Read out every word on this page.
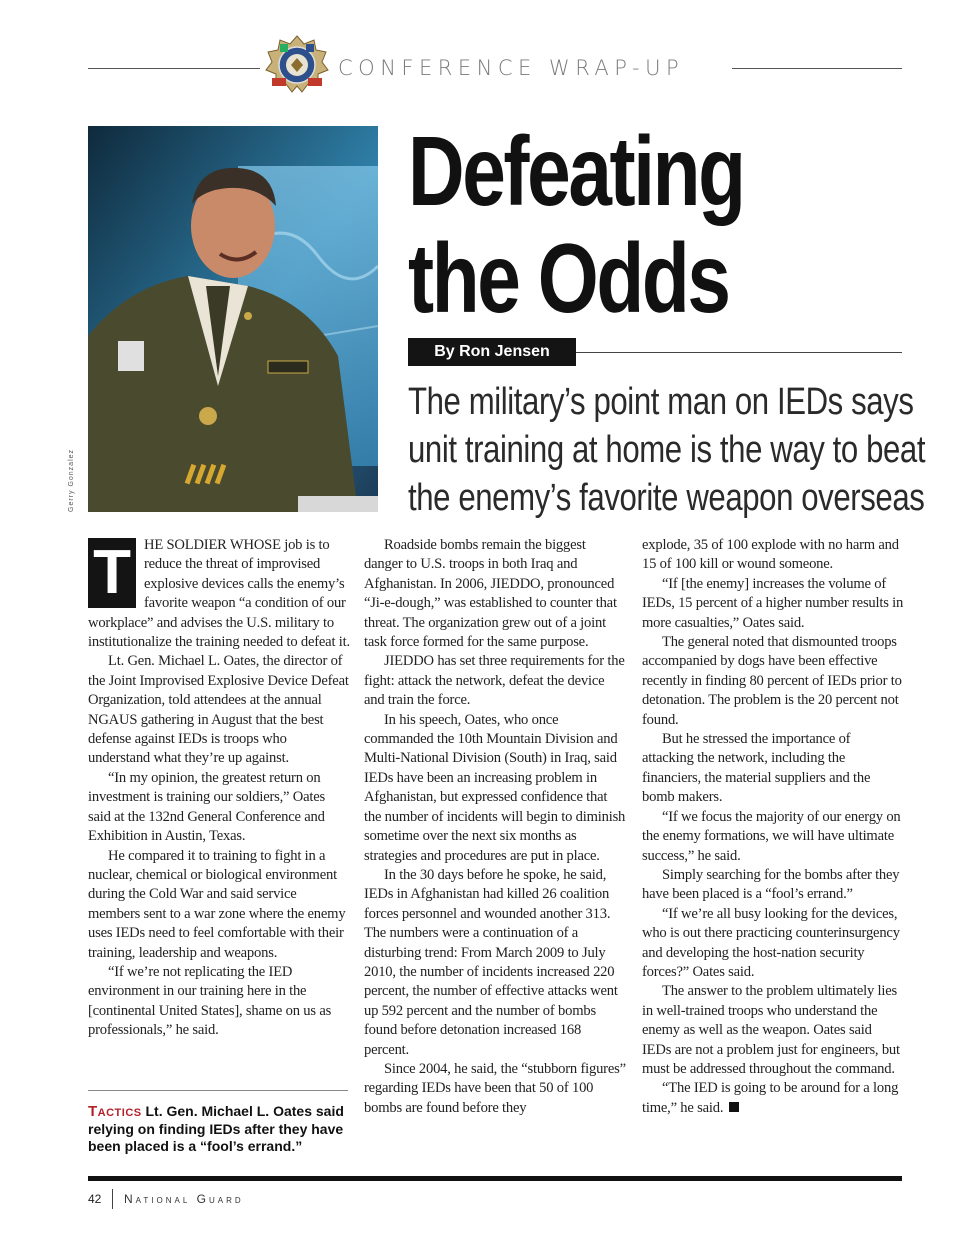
CONFERENCE WRAP-UP
Gerry Gonzalez
Defeating
the Odds
By Ron Jensen
The military’s point man on IEDs says
unit training at home is the way to beat
the enemy’s favorite weapon overseas

T HE SOLDIER WHOSE job is to reduce the threat of improvised explosive devices calls the enemy’s favorite weapon “a condition of our workplace” and advises the U.S. military to institutionalize the training needed to defeat it.

Lt. Gen. Michael L. Oates, the director of the Joint Improvised Explosive Device Defeat Organization, told attendees at the annual NGAUS gathering in August that the best defense against IEDs is troops who understand what they’re up against.

“In my opinion, the greatest return on investment is training our soldiers,” Oates said at the 132nd General Conference and Exhibition in Austin, Texas.

He compared it to training to fight in a nuclear, chemical or biological environment during the Cold War and said service members sent to a war zone where the enemy uses IEDs need to feel comfortable with their training, leadership and weapons.

“If we’re not replicating the IED environment in our training here in the [continental United States], shame on us as professionals,” he said.

Tactics Lt. Gen. Michael L. Oates said relying on finding IEDs after they have been placed is a “fool’s errand.”

Roadside bombs remain the biggest danger to U.S. troops in both Iraq and Afghanistan. In 2006, JIEDDO, pronounced “Ji-e-dough,” was established to counter that threat. The organization grew out of a joint task force formed for the same purpose.

JIEDDO has set three requirements for the fight: attack the network, defeat the device and train the force.

In his speech, Oates, who once commanded the 10th Mountain Division and Multi-National Division (South) in Iraq, said IEDs have been an increasing problem in Afghanistan, but expressed confidence that the number of incidents will begin to diminish sometime over the next six months as strategies and procedures are put in place.

In the 30 days before he spoke, he said, IEDs in Afghanistan had killed 26 coalition forces personnel and wounded another 313. The numbers were a continuation of a disturbing trend: From March 2009 to July 2010, the number of incidents increased 220 percent, the number of effective attacks went up 592 percent and the number of bombs found before detonation increased 168 percent.

Since 2004, he said, the “stubborn figures” regarding IEDs have been that 50 of 100 bombs are found before they

explode, 35 of 100 explode with no harm and 15 of 100 kill or wound someone.

“If [the enemy] increases the volume of IEDs, 15 percent of a higher number results in more casualties,” Oates said.

The general noted that dismounted troops accompanied by dogs have been effective recently in finding 80 percent of IEDs prior to detonation. The problem is the 20 percent not found.

But he stressed the importance of attacking the network, including the financiers, the material suppliers and the bomb makers.

“If we focus the majority of our energy on the enemy formations, we will have ultimate success,” he said.

Simply searching for the bombs after they have been placed is a “fool’s errand.”

“If we’re all busy looking for the devices, who is out there practicing counterinsurgency and developing the host-nation security forces?” Oates said.

The answer to the problem ultimately lies in well-trained troops who understand the enemy as well as the weapon. Oates said IEDs are not a problem just for engineers, but must be addressed throughout the command.

“The IED is going to be around for a long time,” he said.

42 National Guard
